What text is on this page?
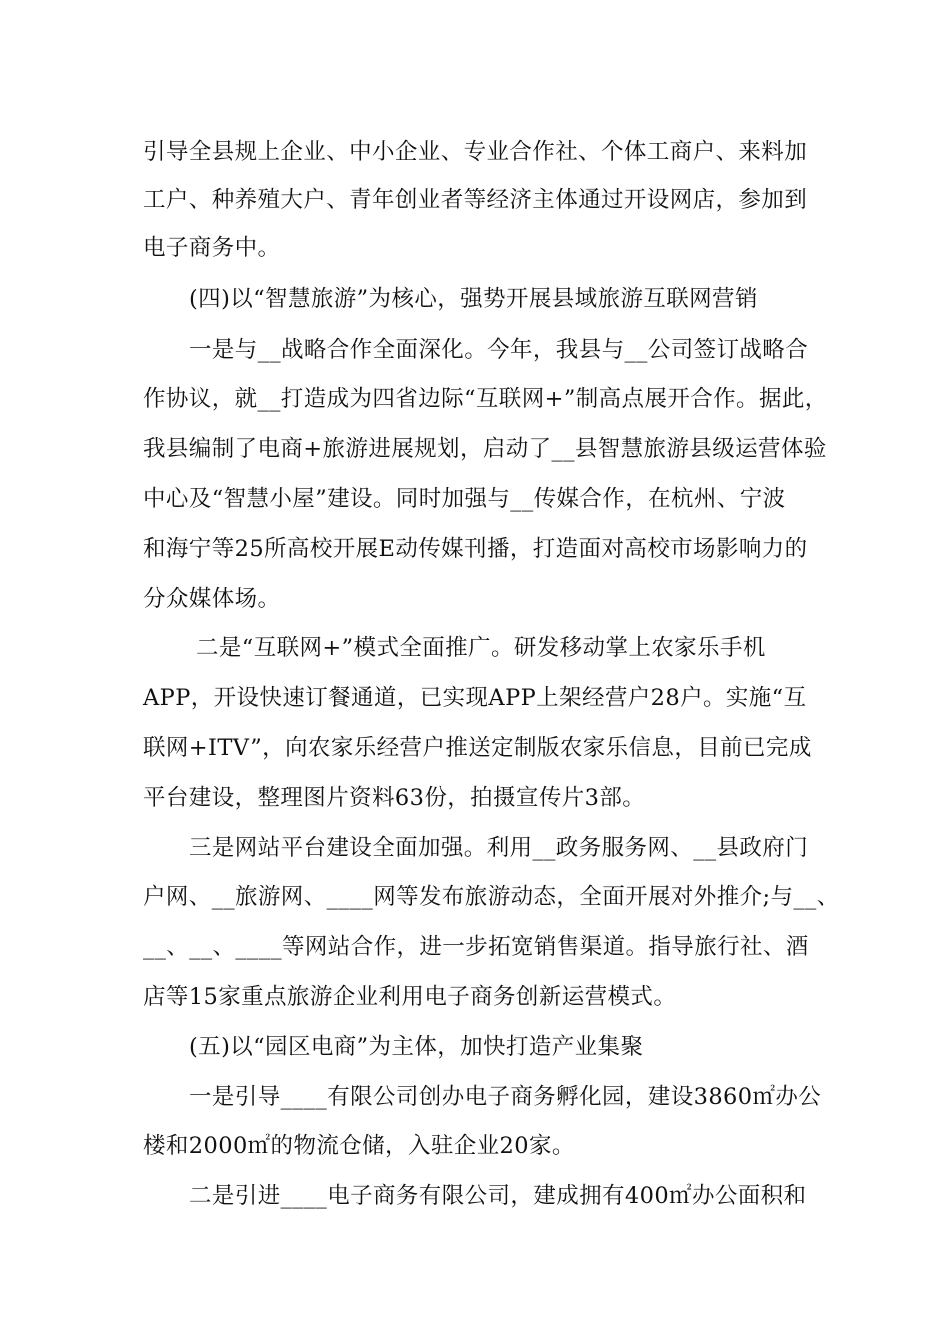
引导全县规上企业、中小企业、专业合作社、个体工商户、来料加
工户、种养殖大户、青年创业者等经济主体通过开设网店，参加到
电子商务中。
(四)以“智慧旅游”为核心，强势开展县域旅游互联网营销
一是与__战略合作全面深化。今年，我县与__公司签订战略合
作协议，就__打造成为四省边际“互联网+”制高点展开合作。据此，
我县编制了电商+旅游进展规划，启动了__县智慧旅游县级运营体验
中心及“智慧小屋”建设。同时加强与__传媒合作，在杭州、宁波
和海宁等25所高校开展E动传媒刊播，打造面对高校市场影响力的
分众媒体场。
二是“互联网+”模式全面推广。研发移动掌上农家乐手机
APP，开设快速订餐通道，已实现APP上架经营户28户。实施“互
联网+ITV”，向农家乐经营户推送定制版农家乐信息，目前已完成
平台建设，整理图片资料63份，拍摄宣传片3部。
三是网站平台建设全面加强。利用__政务服务网、__县政府门
户网、__旅游网、____网等发布旅游动态，全面开展对外推介;与__、
__、__、____等网站合作，进一步拓宽销售渠道。指导旅行社、酒
店等15家重点旅游企业利用电子商务创新运营模式。
(五)以“园区电商”为主体，加快打造产业集聚
一是引导____有限公司创办电子商务孵化园，建设3860㎡办公
楼和2000㎡的物流仓储，入驻企业20家。
二是引进____电子商务有限公司，建成拥有400㎡办公面积和
